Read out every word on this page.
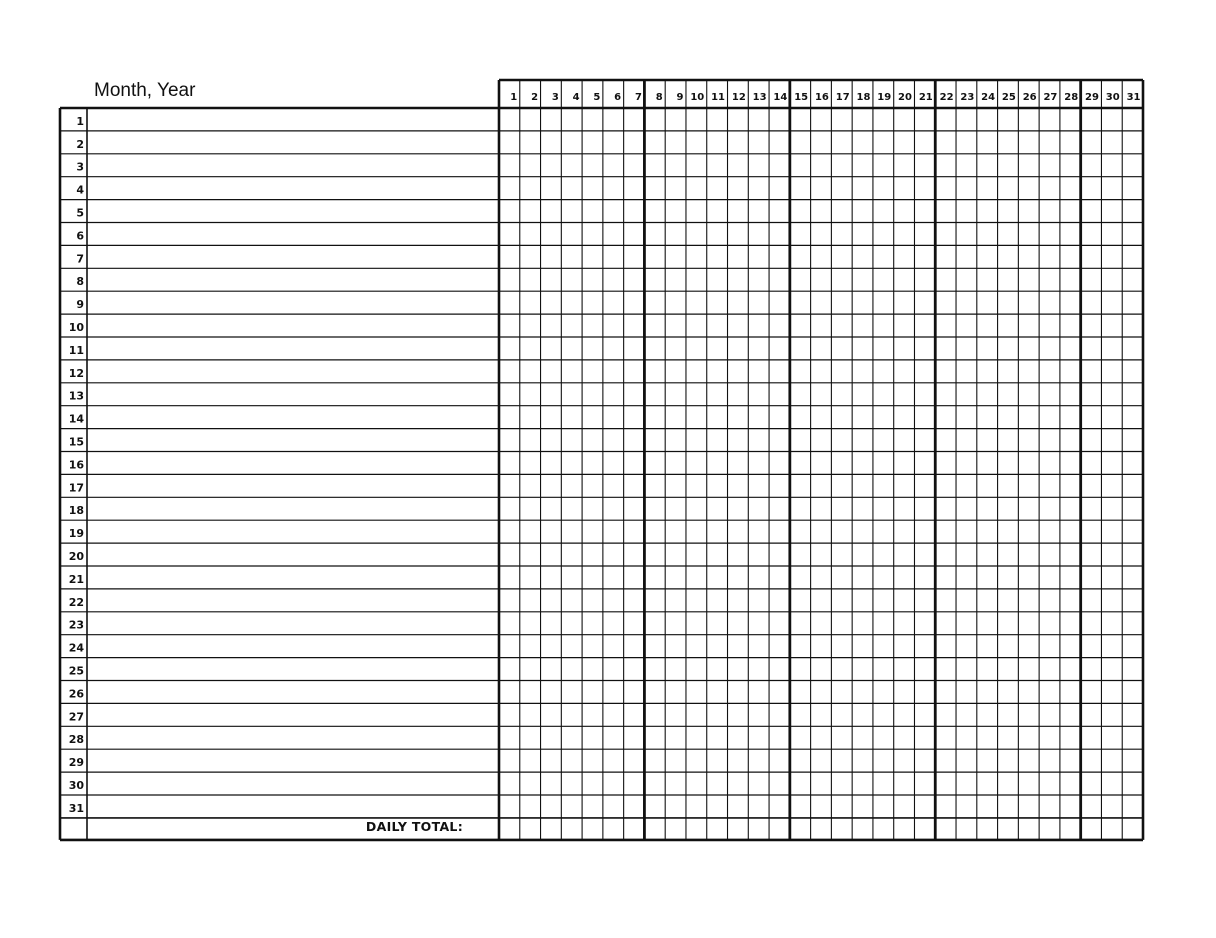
Month, Year	1 2 3 4 5 6 7 8 9 10 11 12 13 14 15 16 17 18 19 20 21 22 23 24 25 26 27 28 29 30 31
1
2
3
4
5
6
7
8
9
10
11
12
13
14
15
16
17
18
19
20
21
22
23
24
25
26
27
28
29
30
31
DAILY TOTAL:
